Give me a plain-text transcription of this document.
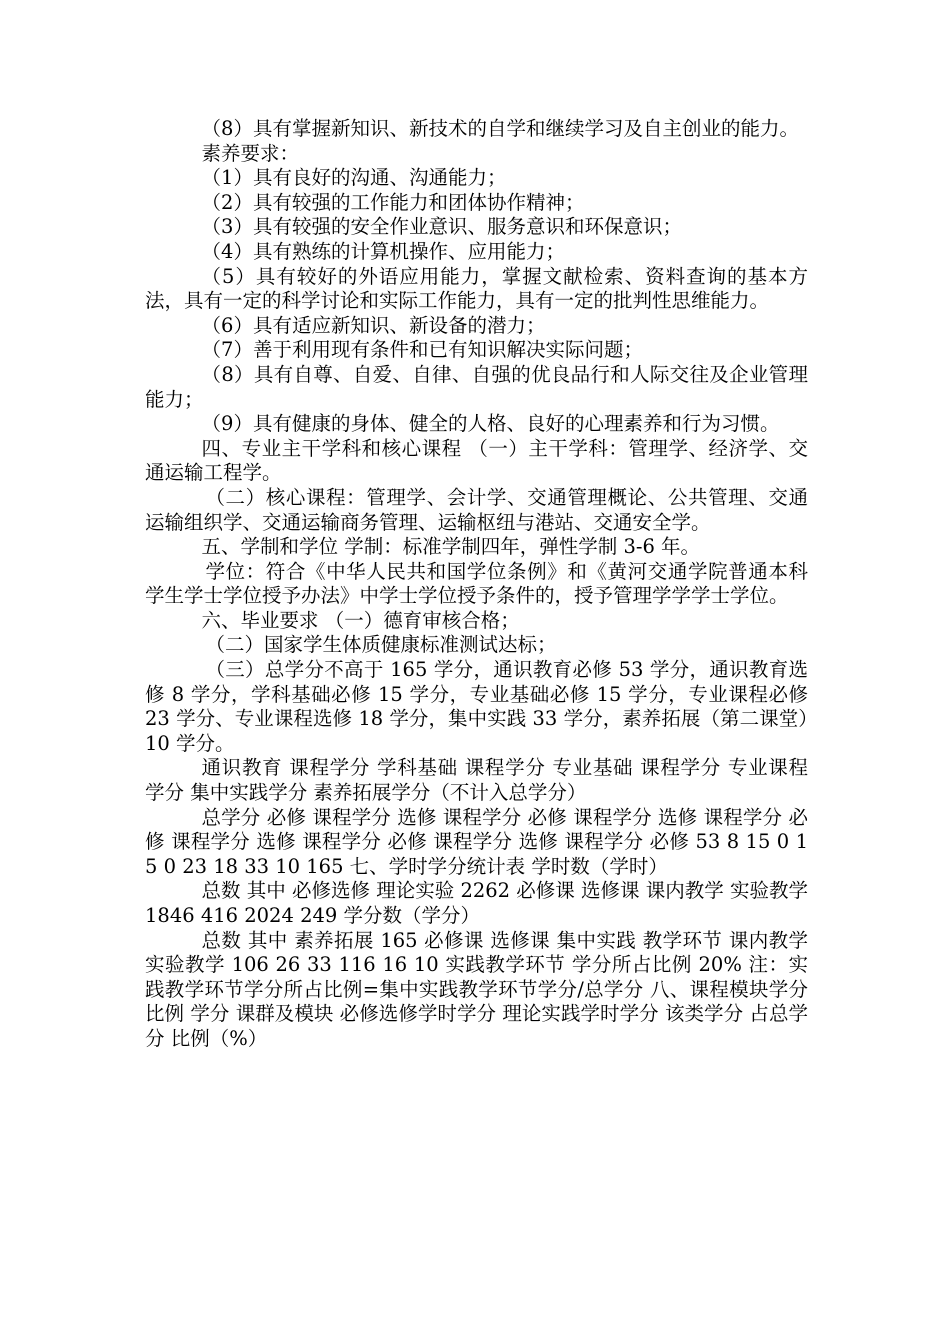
（8）具有掌握新知识、新技术的自学和继续学习及自主创业的能力。

素养要求：

（1）具有良好的沟通、沟通能力；

（2）具有较强的工作能力和团体协作精神；

（3）具有较强的安全作业意识、服务意识和环保意识；

（4）具有熟练的计算机操作、应用能力；

（5）具有较好的外语应用能力，掌握文献检索、资料查询的基本方法，具有一定的科学讨论和实际工作能力，具有一定的批判性思维能力。

（6）具有适应新知识、新设备的潜力；

（7）善于利用现有条件和已有知识解决实际问题；

（8）具有自尊、自爱、自律、自强的优良品行和人际交往及企业管理能力；

（9）具有健康的身体、健全的人格、良好的心理素养和行为习惯。

四、专业主干学科和核心课程 （一）主干学科：管理学、经济学、交通运输工程学。

（二）核心课程：管理学、会计学、交通管理概论、公共管理、交通运输组织学、交通运输商务管理、运输枢纽与港站、交通安全学。

五、学制和学位 学制：标准学制四年，弹性学制 3-6 年。

学位：符合《中华人民共和国学位条例》和《黄河交通学院普通本科学生学士学位授予办法》中学士学位授予条件的，授予管理学学学士学位。

六、毕业要求 （一）德育审核合格；

（二）国家学生体质健康标准测试达标；

（三）总学分不高于 165 学分，通识教育必修 53 学分，通识教育选修 8 学分，学科基础必修 15 学分，专业基础必修 15 学分，专业课程必修 23 学分、专业课程选修 18 学分，集中实践 33 学分，素养拓展（第二课堂）10 学分。

通识教育 课程学分 学科基础 课程学分 专业基础 课程学分 专业课程 学分 集中实践学分 素养拓展学分（不计入总学分）

总学分 必修 课程学分 选修 课程学分 必修 课程学分 选修 课程学分 必修 课程学分 选修 课程学分 必修 课程学分 选修 课程学分 必修 53 8 15 0 15 0 23 18 33 10 165 七、学时学分统计表 学时数（学时）

总数 其中 必修选修 理论实验 2262 必修课 选修课 课内教学 实验教学 1846 416 2024 249 学分数（学分）

总数 其中 素养拓展 165 必修课 选修课 集中实践 教学环节 课内教学 实验教学 106 26 33 116 16 10 实践教学环节 学分所占比例 20% 注：实践教学环节学分所占比例=集中实践教学环节学分/总学分 八、课程模块学分比例 学分 课群及模块 必修选修学时学分 理论实践学时学分 该类学分 占总学分 比例（%）
